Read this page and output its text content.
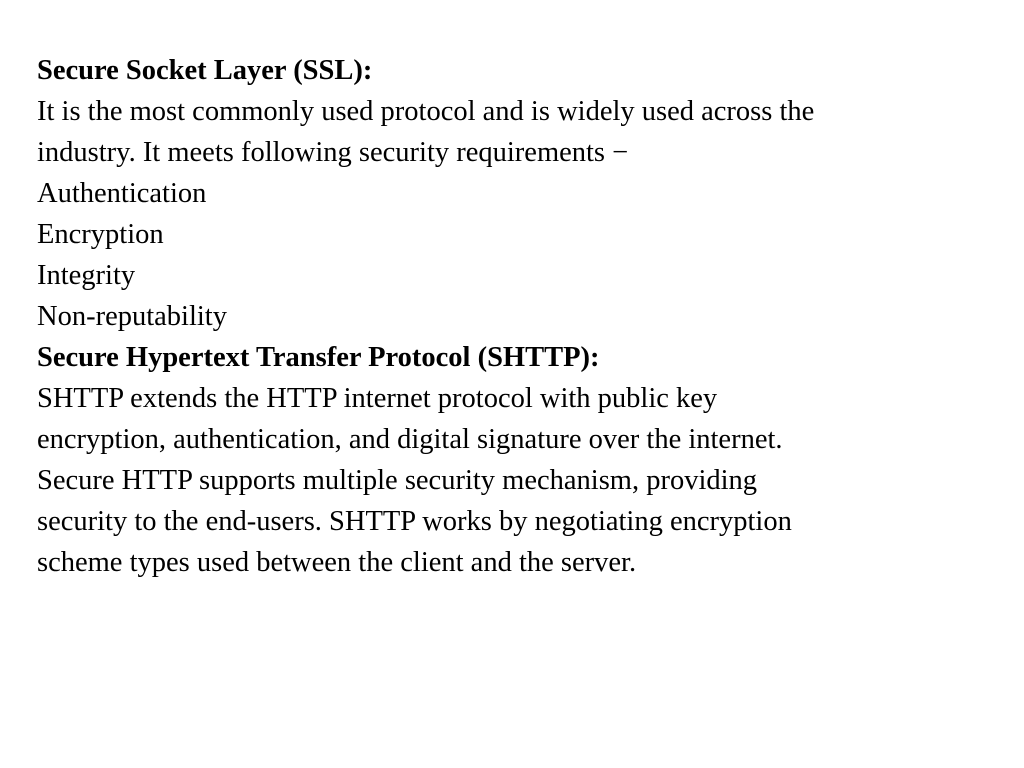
Secure Socket Layer (SSL):

It is the most commonly used protocol and is widely used across the

industry. It meets following security requirements −

Authentication

Encryption

Integrity

Non-reputability

Secure Hypertext Transfer Protocol (SHTTP):

SHTTP extends the HTTP internet protocol with public key

encryption, authentication, and digital signature over the internet.

Secure HTTP supports multiple security mechanism, providing

security to the end-users. SHTTP works by negotiating encryption

scheme types used between the client and the server.
